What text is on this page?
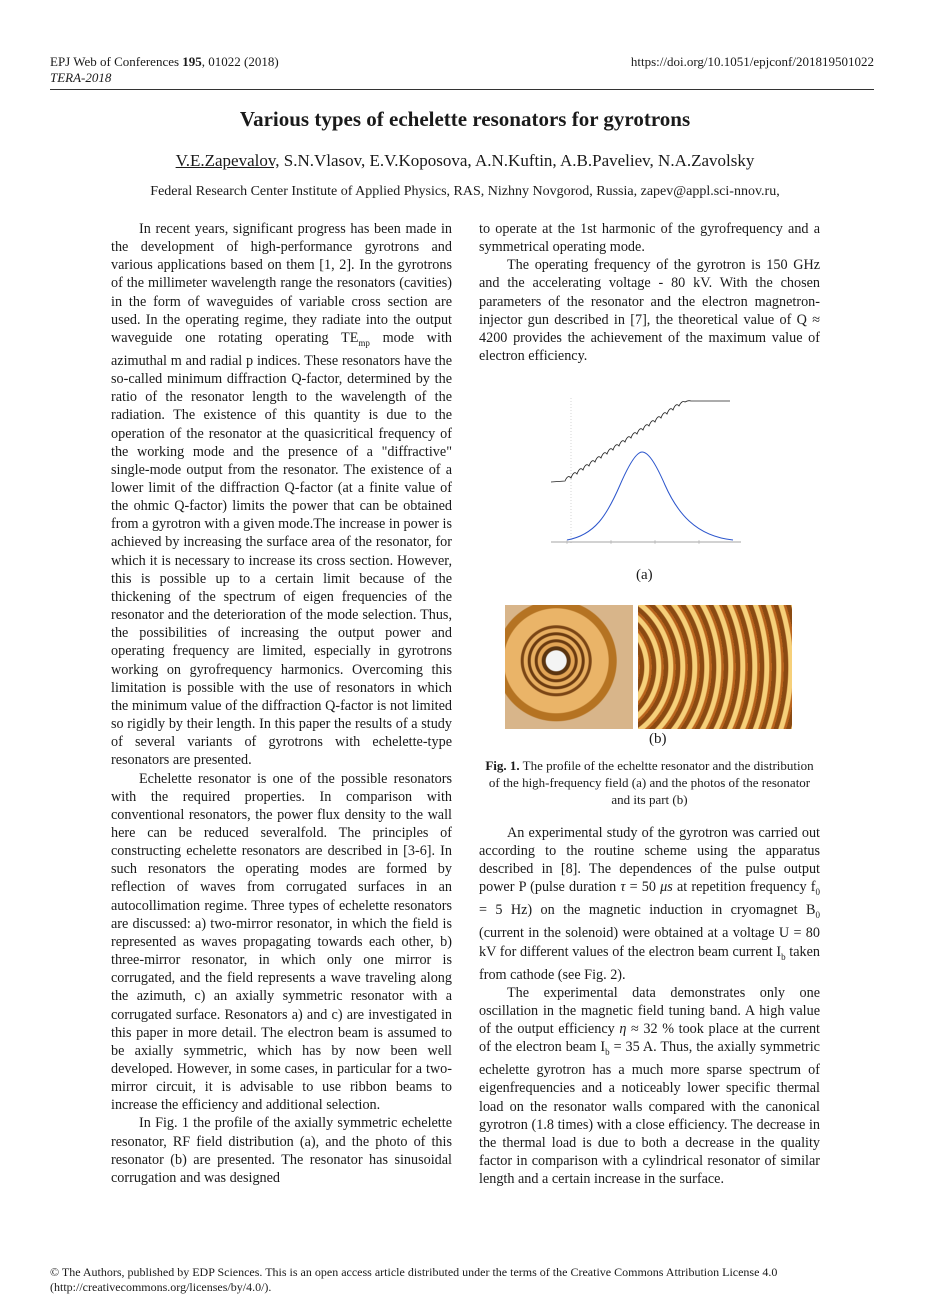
EPJ Web of Conferences 195, 01022 (2018)
TERA-2018
https://doi.org/10.1051/epjconf/201819501022
Various types of echelette resonators for gyrotrons
V.E.Zapevalov, S.N.Vlasov, E.V.Koposova, A.N.Kuftin, A.B.Paveliev, N.A.Zavolsky
Federal Research Center Institute of Applied Physics, RAS, Nizhny Novgorod, Russia, zapev@appl.sci-nnov.ru,

In recent years, significant progress has been made in the development of high-performance gyrotrons and various applications based on them [1, 2]. In the gyrotrons of the millimeter wavelength range the resonators (cavities) in the form of waveguides of variable cross section are used. In the operating regime, they radiate into the output waveguide one rotating operating $TE_{mp}$ mode with azimuthal m and radial p indices. These resonators have the so-called minimum diffraction Q-factor, determined by the ratio of the resonator length to the wavelength of the radiation. The existence of this quantity is due to the operation of the resonator at the quasicritical frequency of the working mode and the presence of a "diffractive" single-mode output from the resonator. The existence of a lower limit of the diffraction Q-factor (at a finite value of the ohmic Q-factor) limits the power that can be obtained from a gyrotron with a given mode.The increase in power is achieved by increasing the surface area of the resonator, for which it is necessary to increase its cross section. However, this is possible up to a certain limit because of the thickening of the spectrum of eigen frequencies of the resonator and the deterioration of the mode selection. Thus, the possibilities of increasing the output power and operating frequency are limited, especially in gyrotrons working on gyrofrequency harmonics. Overcoming this limitation is possible with the use of resonators in which the minimum value of the diffraction Q-factor is not limited so rigidly by their length. In this paper the results of a study of several variants of gyrotrons with echelette-type resonators are presented.

Echelette resonator is one of the possible resonators with the required properties. In comparison with conventional resonators, the power flux density to the wall here can be reduced severalfold. The principles of constructing echelette resonators are described in [3-6]. In such resonators the operating modes are formed by reflection of waves from corrugated surfaces in an autocollimation regime. Three types of echelette resonators are discussed: a) two-mirror resonator, in which the field is represented as waves propagating towards each other, b) three-mirror resonator, in which only one mirror is corrugated, and the field represents a wave traveling along the azimuth, c) an axially symmetric resonator with a corrugated surface. Resonators a) and c) are investigated in this paper in more detail. The electron beam is assumed to be axially symmetric, which has by now been well developed. However, in some cases, in particular for a two-mirror circuit, it is advisable to use ribbon beams to increase the efficiency and additional selection.

In Fig. 1 the profile of the axially symmetric echelette resonator, RF field distribution (a), and the photo of this resonator (b) are presented. The resonator has sinusoidal corrugation and was designed

to operate at the 1st harmonic of the gyrofrequency and a symmetrical operating mode.

The operating frequency of the gyrotron is 150 GHz and the accelerating voltage - 80 kV. With the chosen parameters of the resonator and the electron magnetron-injector gun described in [7], the theoretical value of Q ≈ 4200 provides the achievement of the maximum value of electron efficiency.

(a)
(b)
Fig. 1. The profile of the echeltte resonator and the distribution of the high-frequency field (a) and the photos of the resonator and its part (b)

An experimental study of the gyrotron was carried out according to the routine scheme using the apparatus described in [8]. The dependences of the pulse output power P (pulse duration τ = 50 μs at repetition frequency $f_0 = 5$ Hz) on the magnetic induction in cryomagnet $B_0$ (current in the solenoid) were obtained at a voltage U = 80 kV for different values of the electron beam current $I_b$ taken from cathode (see Fig. 2).

The experimental data demonstrates only one oscillation in the magnetic field tuning band. A high value of the output efficiency η ≈ 32 % took place at the current of the electron beam $I_b = 35$ A. Thus, the axially symmetric echelette gyrotron has a much more sparse spectrum of eigenfrequencies and a noticeably lower specific thermal load on the resonator walls compared with the canonical gyrotron (1.8 times) with a close efficiency. The decrease in the thermal load is due to both a decrease in the quality factor in comparison with a cylindrical resonator of similar length and a certain increase in the surface.

© The Authors, published by EDP Sciences. This is an open access article distributed under the terms of the Creative Commons Attribution License 4.0 (http://creativecommons.org/licenses/by/4.0/).
